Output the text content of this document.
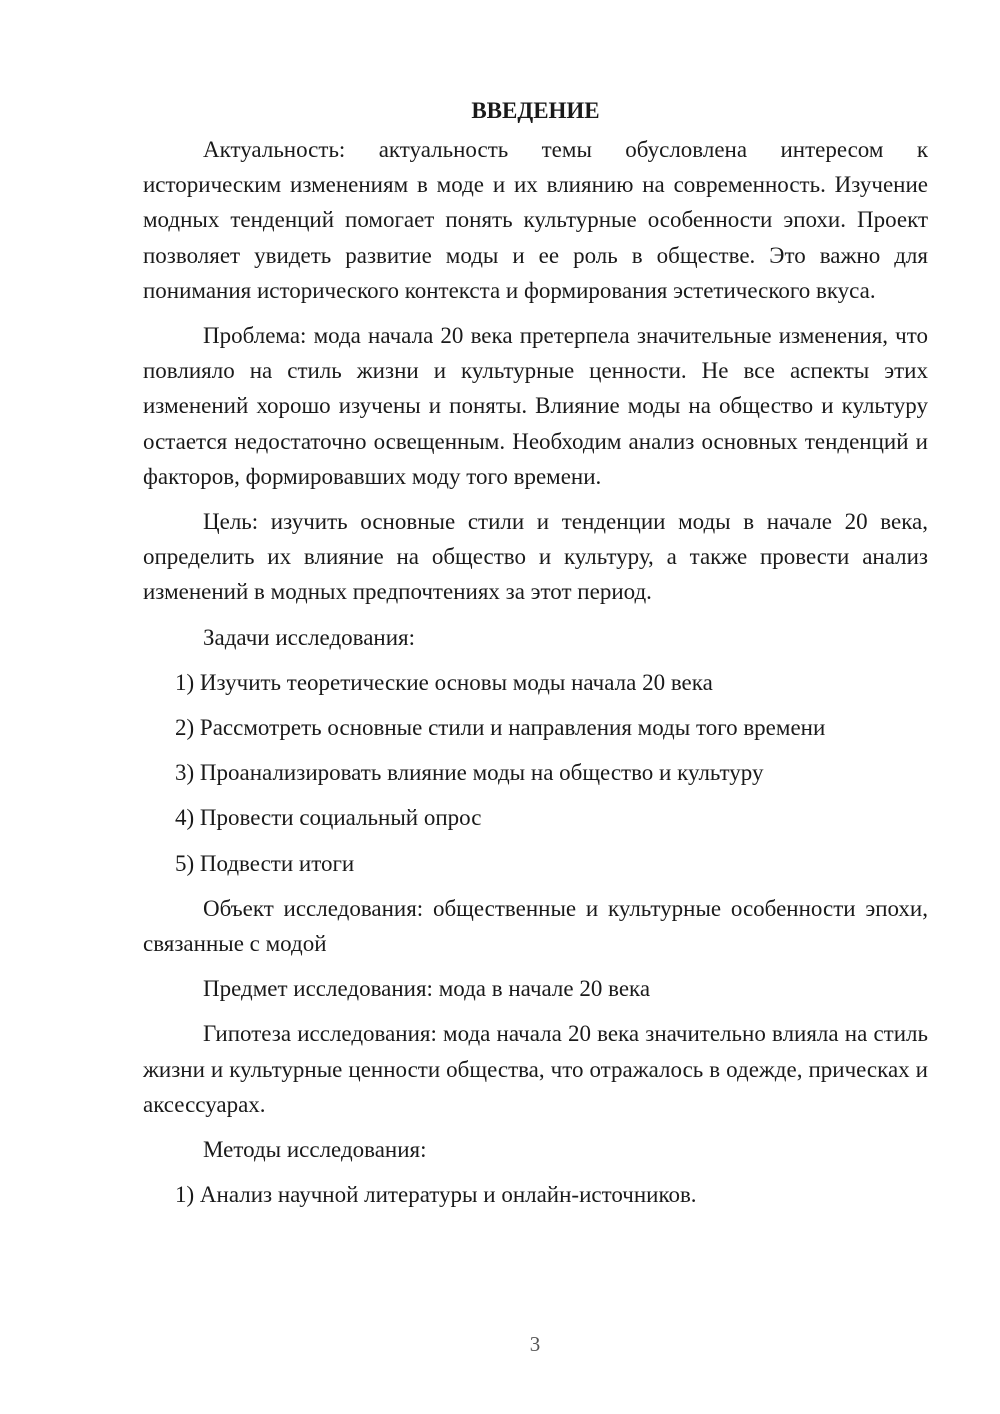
ВВЕДЕНИЕ

Актуальность: актуальность темы обусловлена интересом к историческим изменениям в моде и их влиянию на современность. Изучение модных тенденций помогает понять культурные особенности эпохи. Проект позволяет увидеть развитие моды и ее роль в обществе. Это важно для понимания исторического контекста и формирования эстетического вкуса.

Проблема: мода начала 20 века претерпела значительные изменения, что повлияло на стиль жизни и культурные ценности. Не все аспекты этих изменений хорошо изучены и поняты. Влияние моды на общество и культуру остается недостаточно освещенным. Необходим анализ основных тенденций и факторов, формировавших моду того времени.

Цель: изучить основные стили и тенденции моды в начале 20 века, определить их влияние на общество и культуру, а также провести анализ изменений в модных предпочтениях за этот период.

Задачи исследования:
1) Изучить теоретические основы моды начала 20 века
2) Рассмотреть основные стили и направления моды того времени
3) Проанализировать влияние моды на общество и культуру
4) Провести социальный опрос
5) Подвести итоги

Объект исследования: общественные и культурные особенности эпохи, связанные с модой

Предмет исследования: мода в начале 20 века

Гипотеза исследования: мода начала 20 века значительно влияла на стиль жизни и культурные ценности общества, что отражалось в одежде, прическах и аксессуарах.

Методы исследования:
1) Анализ научной литературы и онлайн-источников.
3
